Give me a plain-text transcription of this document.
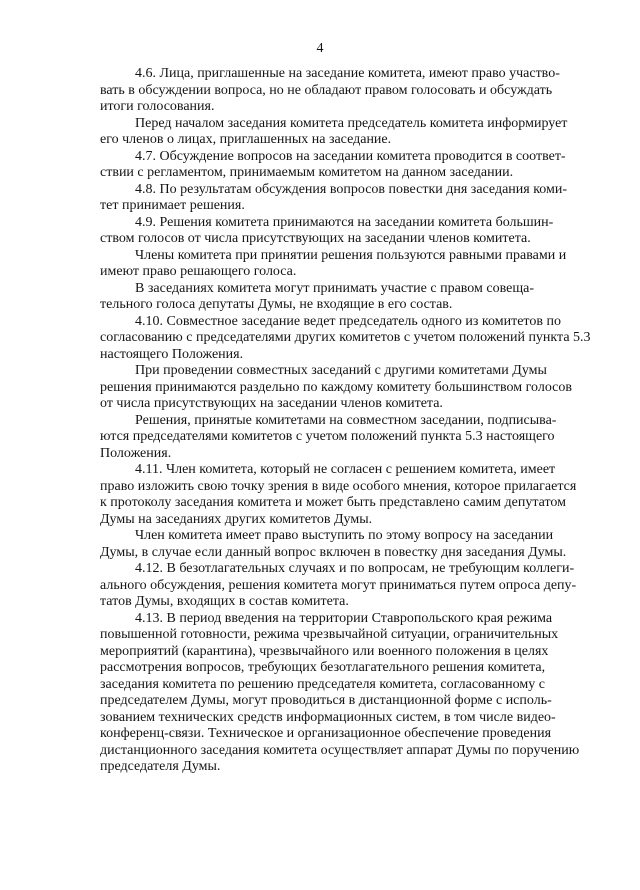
4

4.6. Лица, приглашенные на заседание комитета, имеют право участво-
вать в обсуждении вопроса, но не обладают правом голосовать и обсуждать
итоги голосования.

Перед началом заседания комитета председатель комитета информирует
его членов о лицах, приглашенных на заседание.

4.7. Обсуждение вопросов на заседании комитета проводится в соответ-
ствии с регламентом, принимаемым комитетом на данном заседании.

4.8. По результатам обсуждения вопросов повестки дня заседания коми-
тет принимает решения.

4.9. Решения комитета принимаются на заседании комитета большин-
ством голосов от числа присутствующих на заседании членов комитета.

Члены комитета при принятии решения пользуются равными правами и
имеют право решающего голоса.

В заседаниях комитета могут принимать участие с правом совеща-
тельного голоса депутаты Думы, не входящие в его состав.

4.10. Совместное заседание ведет председатель одного из комитетов по
согласованию с председателями других комитетов с учетом положений пункта 5.3
настоящего Положения.

При проведении совместных заседаний с другими комитетами Думы
решения принимаются раздельно по каждому комитету большинством голосов
от числа присутствующих на заседании членов комитета.

Решения, принятые комитетами на совместном заседании, подписыва-
ются председателями комитетов с учетом положений пункта 5.3 настоящего
Положения.

4.11. Член комитета, который не согласен с решением комитета, имеет
право изложить свою точку зрения в виде особого мнения, которое прилагается
к протоколу заседания комитета и может быть представлено самим депутатом
Думы на заседаниях других комитетов Думы.

Член комитета имеет право выступить по этому вопросу на заседании
Думы, в случае если данный вопрос включен в повестку дня заседания Думы.

4.12. В безотлагательных случаях и по вопросам, не требующим коллеги-
ального обсуждения, решения комитета могут приниматься путем опроса депу-
татов Думы, входящих в состав комитета.

4.13. В период введения на территории Ставропольского края режима
повышенной готовности, режима чрезвычайной ситуации, ограничительных
мероприятий (карантина), чрезвычайного или военного положения в целях
рассмотрения вопросов, требующих безотлагательного решения комитета,
заседания комитета по решению председателя комитета, согласованному с
председателем Думы, могут проводиться в дистанционной форме с исполь-
зованием технических средств информационных систем, в том числе видео-
конференц-связи. Техническое и организационное обеспечение проведения
дистанционного заседания комитета осуществляет аппарат Думы по поручению
председателя Думы.
